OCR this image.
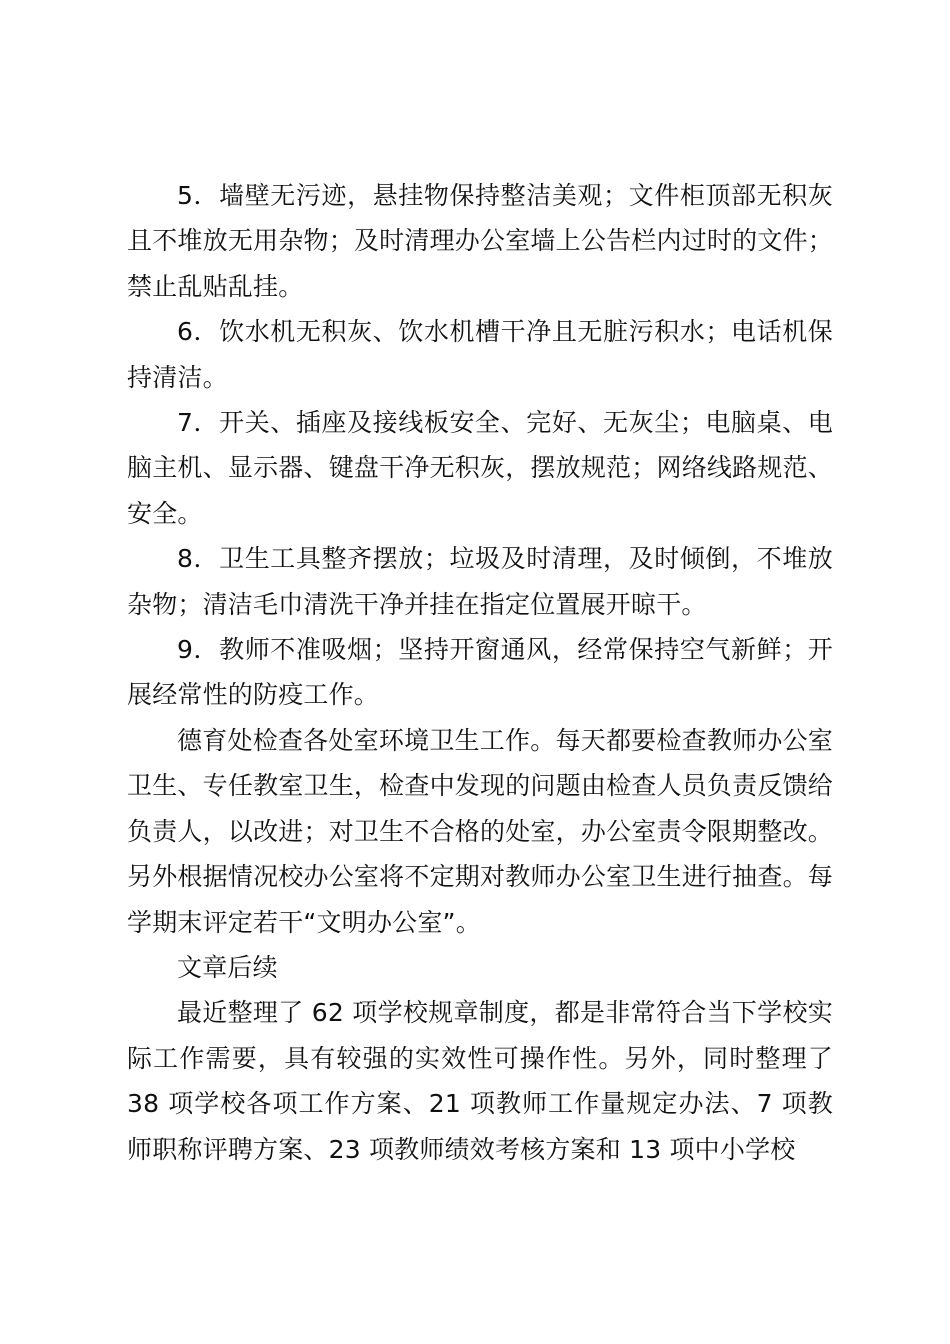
5．墙壁无污迹，悬挂物保持整洁美观；文件柜顶部无积灰且不堆放无用杂物；及时清理办公室墙上公告栏内过时的文件；禁止乱贴乱挂。

6．饮水机无积灰、饮水机槽干净且无脏污积水；电话机保持清洁。

7．开关、插座及接线板安全、完好、无灰尘；电脑桌、电脑主机、显示器、键盘干净无积灰，摆放规范；网络线路规范、安全。

8．卫生工具整齐摆放；垃圾及时清理，及时倾倒，不堆放杂物；清洁毛巾清洗干净并挂在指定位置展开晾干。

9．教师不准吸烟；坚持开窗通风，经常保持空气新鲜；开展经常性的防疫工作。

德育处检查各处室环境卫生工作。每天都要检查教师办公室卫生、专任教室卫生，检查中发现的问题由检查人员负责反馈给负责人，以改进；对卫生不合格的处室，办公室责令限期整改。另外根据情况校办公室将不定期对教师办公室卫生进行抽查。每学期末评定若干“文明办公室”。

文章后续

最近整理了 62 项学校规章制度，都是非常符合当下学校实际工作需要，具有较强的实效性可操作性。另外，同时整理了 38 项学校各项工作方案、21 项教师工作量规定办法、7 项教师职称评聘方案、23 项教师绩效考核方案和 13 项中小学校
